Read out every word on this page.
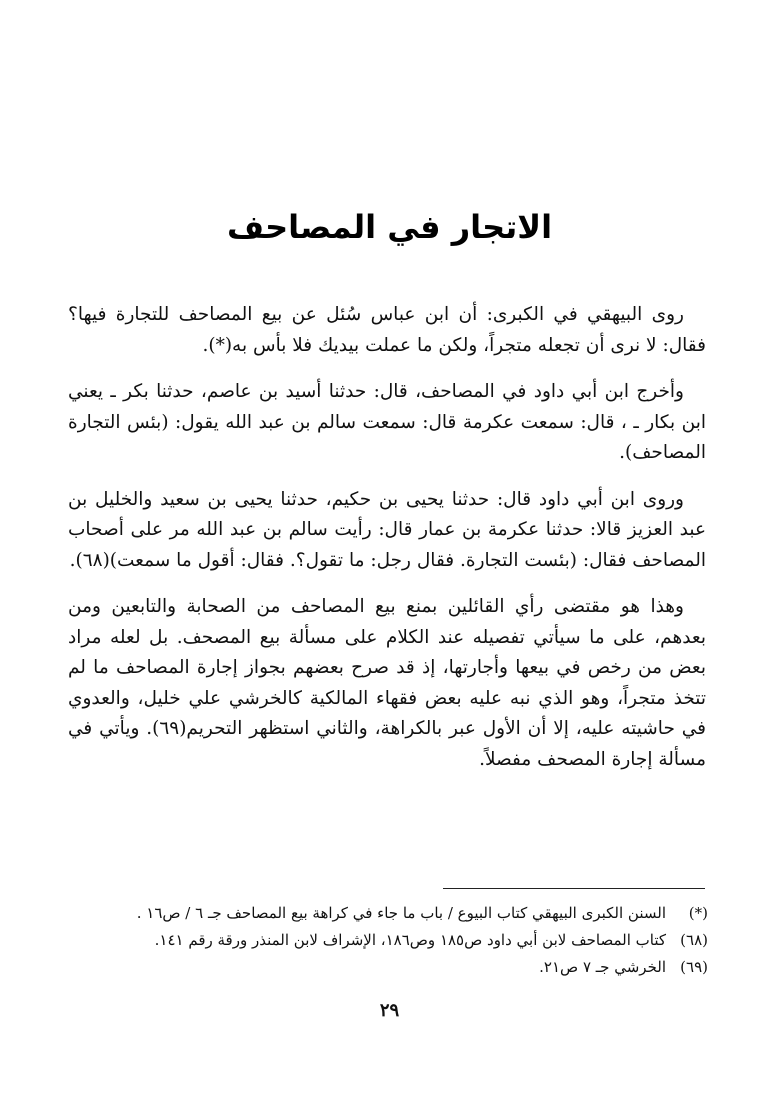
الاتجار في المصاحف

روى البيهقي في الكبرى: أن ابن عباس سُئل عن بيع المصاحف للتجارة فيها؟ فقال: لا نرى أن تجعله متجراً، ولكن ما عملت بيديك فلا بأس به(*).

وأخرج ابن أبي داود في المصاحف، قال: حدثنا أسيد بن عاصم، حدثنا بكر ـ يعني ابن بكار ـ ، قال: سمعت عكرمة قال: سمعت سالم بن عبد الله يقول: (بئس التجارة المصاحف).

وروى ابن أبي داود قال: حدثنا يحيى بن حكيم، حدثنا يحيى بن سعيد والخليل بن عبد العزيز قالا: حدثنا عكرمة بن عمار قال: رأيت سالم بن عبد الله مر على أصحاب المصاحف فقال: (بئست التجارة. فقال رجل: ما تقول؟. فقال: أقول ما سمعت)(٦٨).

وهذا هو مقتضى رأي القائلين بمنع بيع المصاحف من الصحابة والتابعين ومن بعدهم، على ما سيأتي تفصيله عند الكلام على مسألة بيع المصحف. بل لعله مراد بعض من رخص في بيعها وأجارتها، إذ قد صرح بعضهم بجواز إجارة المصاحف ما لم تتخذ متجراً، وهو الذي نبه عليه بعض فقهاء المالكية كالخرشي علي خليل، والعدوي في حاشيته عليه، إلا أن الأول عبر بالكراهة، والثاني استظهر التحريم(٦٩). ويأتي في مسألة إجارة المصحف مفصلاً.

(*)
السنن الكبرى البيهقي كتاب البيوع / باب ما جاء في كراهة بيع المصاحف جـ ٦ / ص١٦ .
(٦٨)
كتاب المصاحف لابن أبي داود ص١٨٥ وص١٨٦، الإشراف لابن المنذر ورقة رقم ١٤١.
(٦٩)
الخرشي جـ ٧ ص٢١.
٢٩
